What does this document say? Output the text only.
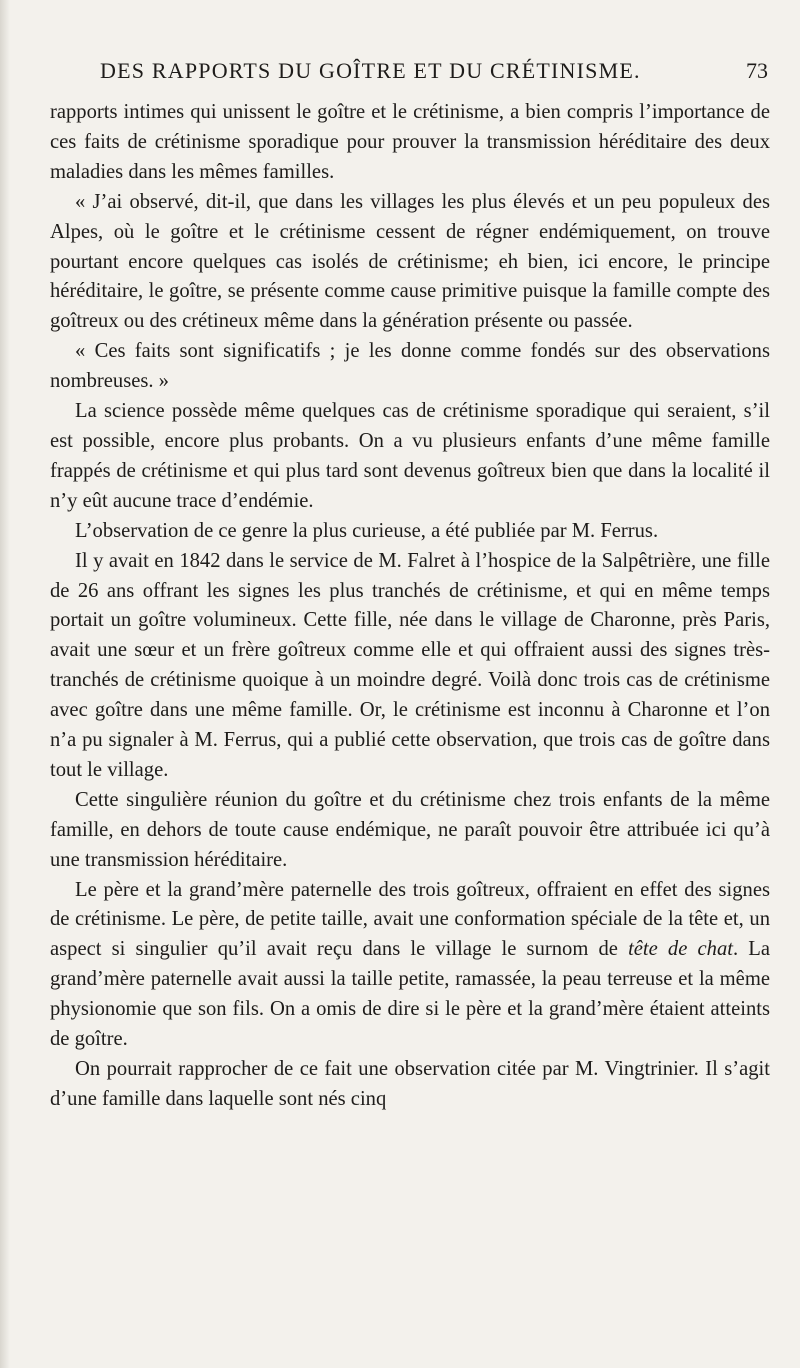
DES RAPPORTS DU GOÎTRE ET DU CRÉTINISME.	73

rapports intimes qui unissent le goître et le crétinisme, a bien compris l’importance de ces faits de crétinisme sporadique pour prouver la transmission héréditaire des deux maladies dans les mêmes familles.

« J’ai observé, dit-il, que dans les villages les plus élevés et un peu populeux des Alpes, où le goître et le crétinisme cessent de régner endémiquement, on trouve pourtant encore quelques cas isolés de crétinisme; eh bien, ici encore, le principe héréditaire, le goître, se présente comme cause primitive puisque la famille compte des goîtreux ou des crétineux même dans la génération présente ou passée.

« Ces faits sont significatifs ; je les donne comme fondés sur des observations nombreuses. »

La science possède même quelques cas de crétinisme sporadique qui seraient, s’il est possible, encore plus probants. On a vu plusieurs enfants d’une même famille frappés de crétinisme et qui plus tard sont devenus goîtreux bien que dans la localité il n’y eût aucune trace d’endémie.

L’observation de ce genre la plus curieuse, a été publiée par M. Ferrus.

Il y avait en 1842 dans le service de M. Falret à l’hospice de la Salpêtrière, une fille de 26 ans offrant les signes les plus tranchés de crétinisme, et qui en même temps portait un goître volumineux. Cette fille, née dans le village de Charonne, près Paris, avait une sœur et un frère goîtreux comme elle et qui offraient aussi des signes très-tranchés de crétinisme quoique à un moindre degré. Voilà donc trois cas de crétinisme avec goître dans une même famille. Or, le crétinisme est inconnu à Charonne et l’on n’a pu signaler à M. Ferrus, qui a publié cette observation, que trois cas de goître dans tout le village.

Cette singulière réunion du goître et du crétinisme chez trois enfants de la même famille, en dehors de toute cause endémique, ne paraît pouvoir être attribuée ici qu’à une transmission héréditaire.

Le père et la grand’mère paternelle des trois goîtreux, offraient en effet des signes de crétinisme. Le père, de petite taille, avait une conformation spéciale de la tête et, un aspect si singulier qu’il avait reçu dans le village le surnom de tête de chat. La grand’mère paternelle avait aussi la taille petite, ramassée, la peau terreuse et la même physionomie que son fils. On a omis de dire si le père et la grand’mère étaient atteints de goître.

On pourrait rapprocher de ce fait une observation citée par M. Vingtrinier. Il s’agit d’une famille dans laquelle sont nés cinq
